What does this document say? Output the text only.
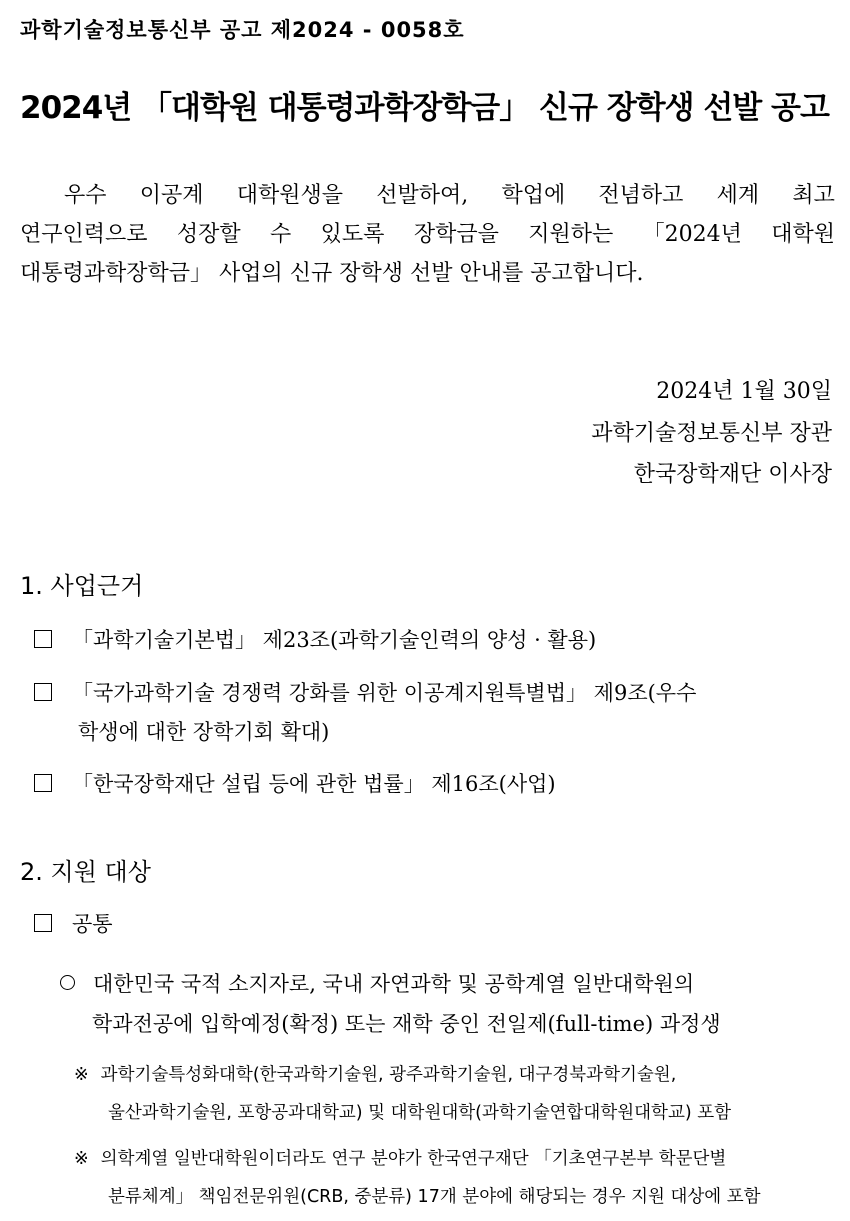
과학기술정보통신부 공고 제2024 - 0058호
2024년 「대학원 대통령과학장학금」 신규 장학생 선발 공고
우수 이공계 대학원생을 선발하여, 학업에 전념하고 세계 최고
연구인력으로 성장할 수 있도록 장학금을 지원하는 「2024년 대학원
대통령과학장학금」 사업의 신규 장학생 선발 안내를 공고합니다.
2024년 1월 30일
과학기술정보통신부 장관
한국장학재단 이사장
1. 사업근거
「과학기술기본법」 제23조(과학기술인력의 양성 · 활용)
「국가과학기술 경쟁력 강화를 위한 이공계지원특별법」 제9조(우수
학생에 대한 장학기회 확대)
「한국장학재단 설립 등에 관한 법률」 제16조(사업)
2. 지원 대상
공통
대한민국 국적 소지자로, 국내 자연과학 및 공학계열 일반대학원의
학과전공에 입학예정(확정) 또는 재학 중인 전일제(full-time) 과정생
※ 과학기술특성화대학(한국과학기술원, 광주과학기술원, 대구경북과학기술원,
울산과학기술원, 포항공과대학교) 및 대학원대학(과학기술연합대학원대학교) 포함
※ 의학계열 일반대학원이더라도 연구 분야가 한국연구재단 「기초연구본부 학문단별
분류체계」 책임전문위원(CRB, 중분류) 17개 분야에 해당되는 경우 지원 대상에 포함
